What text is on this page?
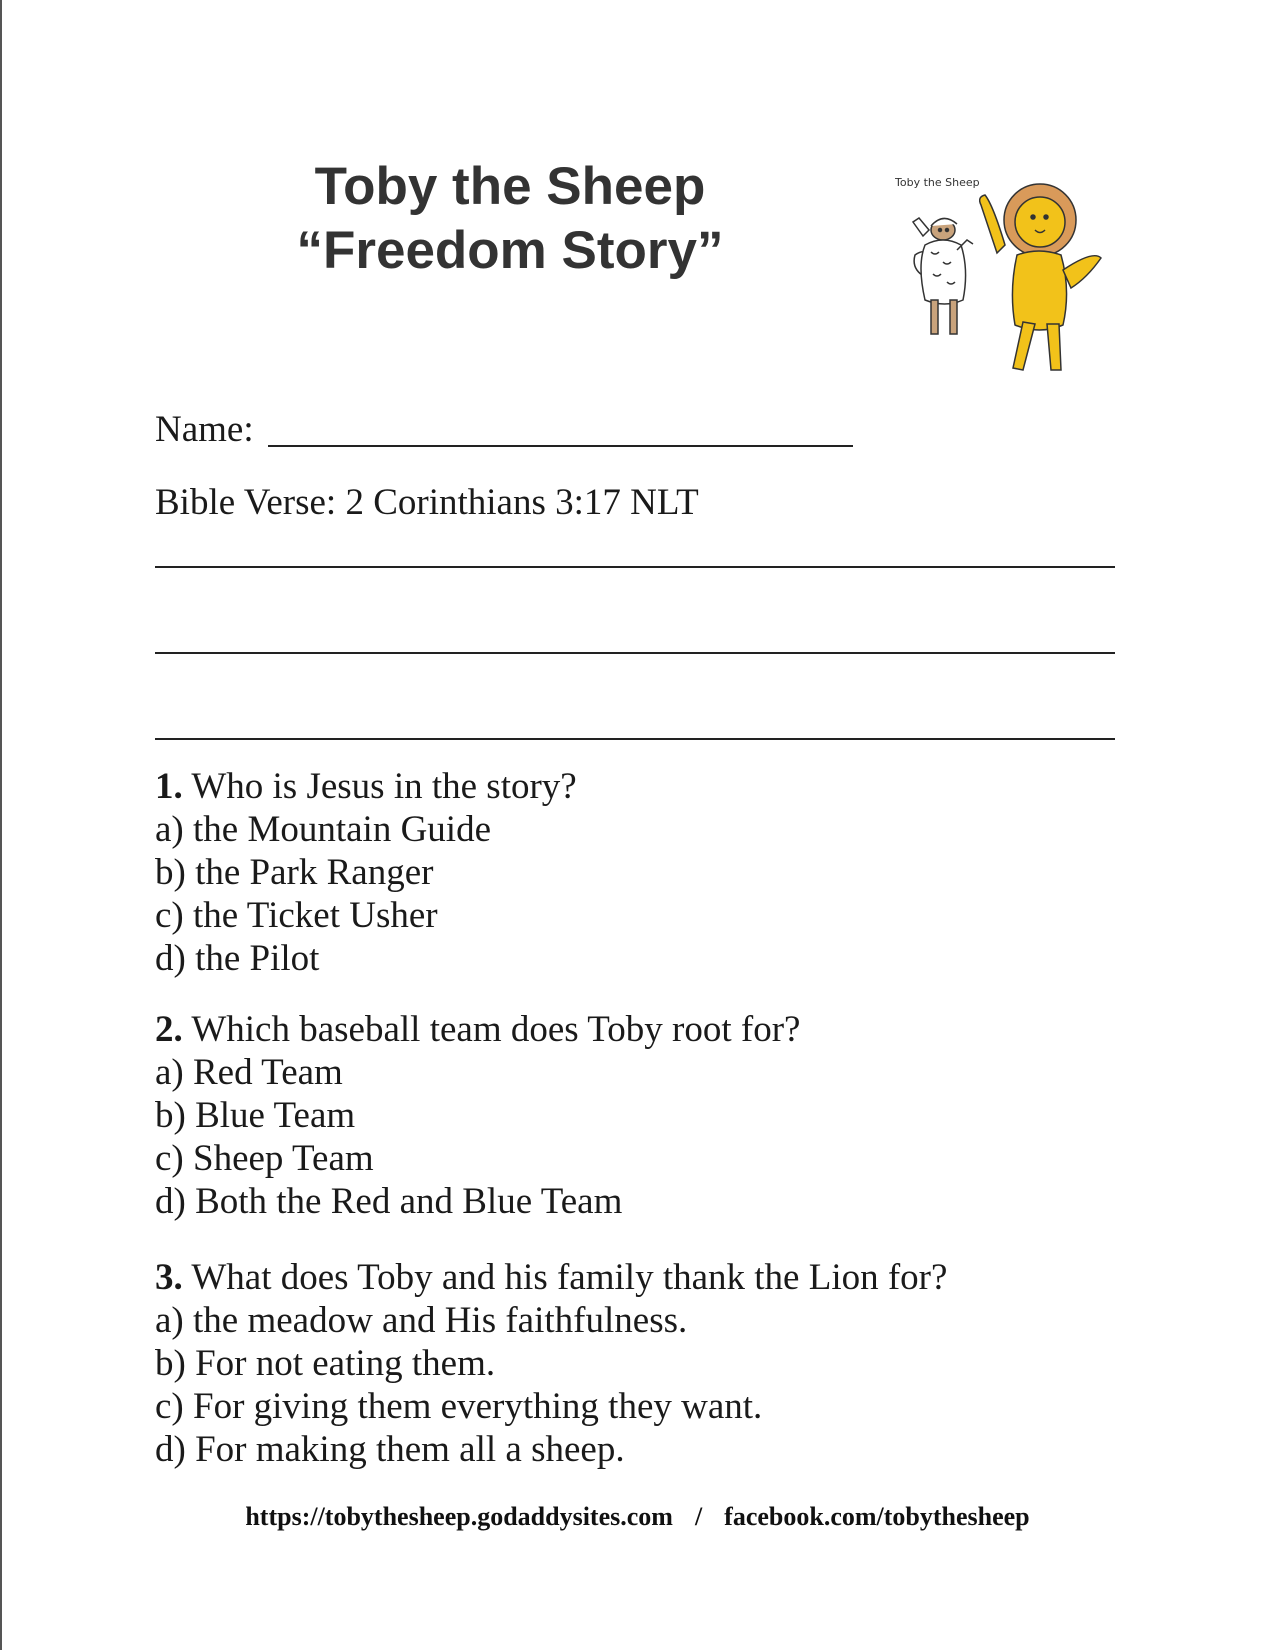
Toby the Sheep
“Freedom Story”
Toby the Sheep
Name:
Bible Verse: 2 Corinthians 3:17 NLT

1. Who is Jesus in the story?

a) the Mountain Guide

b) the Park Ranger

c) the Ticket Usher

d) the Pilot

2. Which baseball team does Toby root for?

a) Red Team

b) Blue Team

c) Sheep Team

d) Both the Red and Blue Team

3. What does Toby and his family thank the Lion for?

a) the meadow and His faithfulness.

b) For not eating them.

c) For giving them everything they want.

d) For making them all a sheep.

https://tobythesheep.godaddysites.com / facebook.com/tobythesheep
